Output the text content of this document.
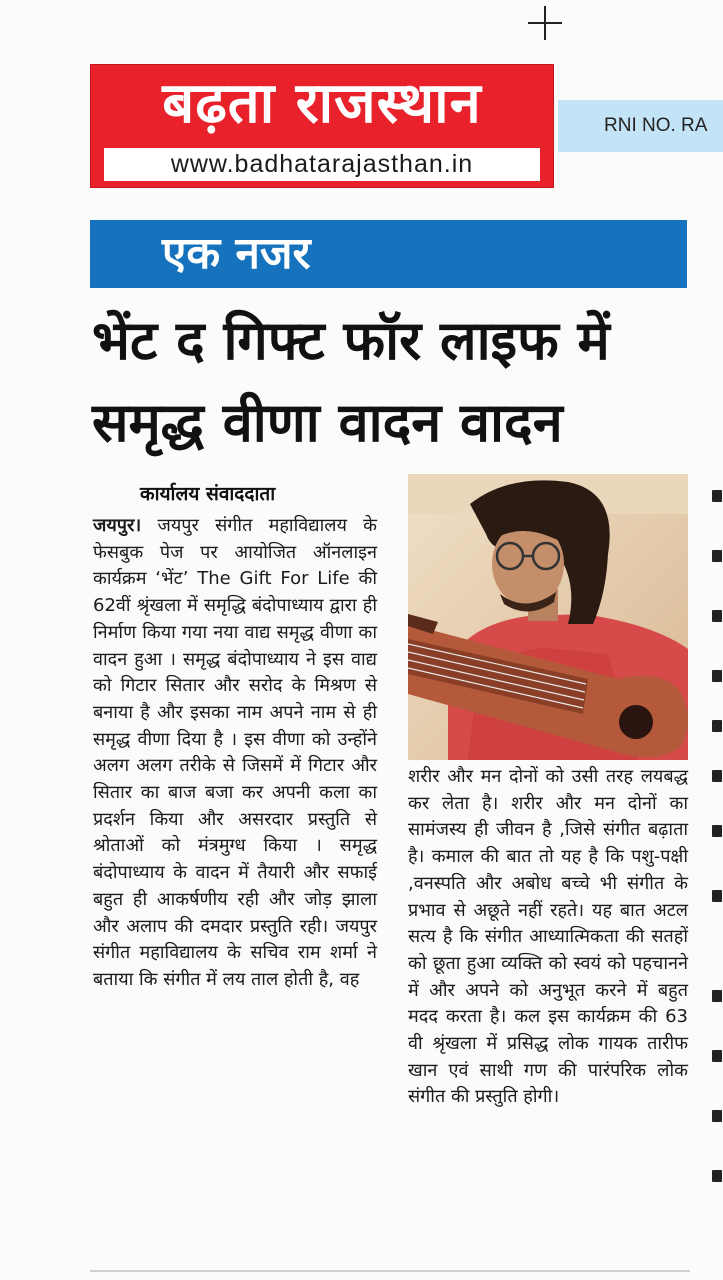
बढ़ता राजस्थान
www.badhatarajasthan.in
RNI NO. RA
एक नजर
भेंट द गिफ्ट फॉर लाइफ में
समृद्ध वीणा वादन वादन
कार्यालय संवाददाता
जयपुर। जयपुर संगीत महाविद्यालय के फेसबुक पेज पर आयोजित ऑनलाइन कार्यक्रम ‘भेंट’ The Gift For Life की 62वीं श्रृंखला में समृद्धि बंदोपाध्याय द्वारा ही निर्माण किया गया नया वाद्य समृद्ध वीणा का वादन हुआ । समृद्ध बंदोपाध्याय ने इस वाद्य को गिटार सितार और सरोद के मिश्रण से बनाया है और इसका नाम अपने नाम से ही समृद्ध वीणा दिया है । इस वीणा को उन्होंने अलग अलग तरीके से जिसमें में गिटार और सितार का बाज बजा कर अपनी कला का प्रदर्शन किया और असरदार प्रस्तुति से श्रोताओं को मंत्रमुग्ध किया । समृद्ध बंदोपाध्याय के वादन में तैयारी और सफाई बहुत ही आकर्षणीय रही और जोड़ झाला और अलाप की दमदार प्रस्तुति रही। जयपुर संगीत महाविद्यालय के सचिव राम शर्मा ने बताया कि संगीत में लय ताल होती है, वह
शरीर और मन दोनों को उसी तरह लयबद्ध कर लेता है। शरीर और मन दोनों का सामंजस्य ही जीवन है ,जिसे संगीत बढ़ाता है। कमाल की बात तो यह है कि पशु-पक्षी ,वनस्पति और अबोध बच्चे भी संगीत के प्रभाव से अछूते नहीं रहते। यह बात अटल सत्य है कि संगीत आध्यात्मिकता की सतहों को छूता हुआ व्यक्ति को स्वयं को पहचानने में और अपने को अनुभूत करने में बहुत मदद करता है। कल इस कार्यक्रम की 63 वी श्रृंखला में प्रसिद्ध लोक गायक तारीफ खान एवं साथी गण की पारंपरिक लोक संगीत की प्रस्तुति होगी।
